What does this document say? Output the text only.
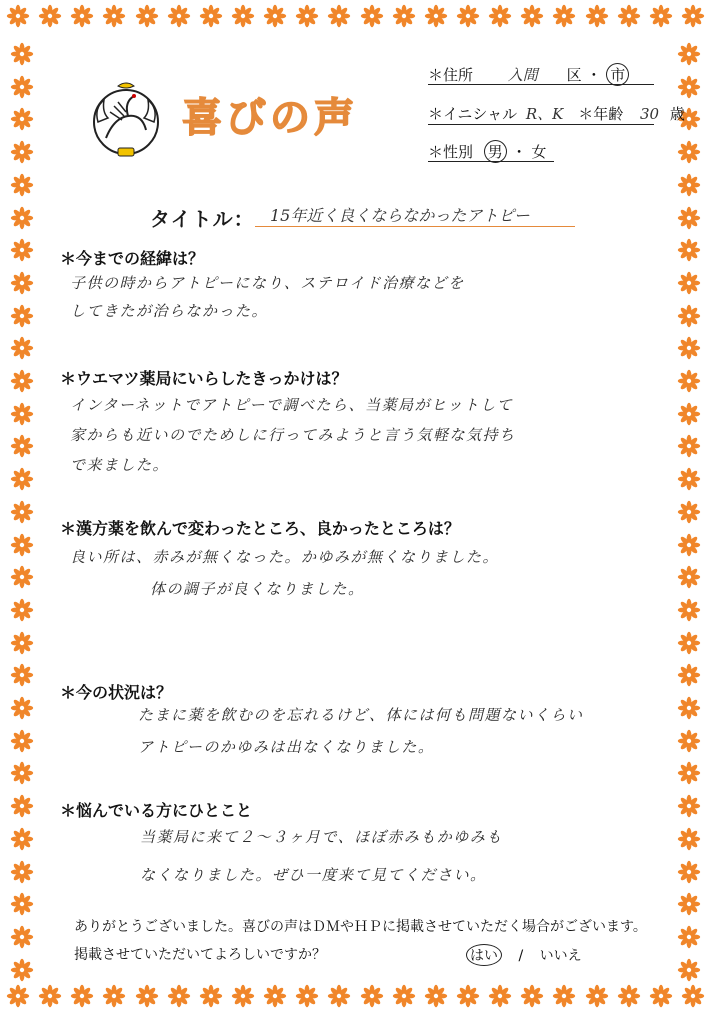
喜びの声
＊住所 入間 区 ・ 市
＊イニシャル R、K ＊年齢 30 歳
＊性別 男 ・ 女
タイトル： 15年近く良くならなかったアトピー
＊今までの経緯は？
子供の時からアトピーになり、ステロイド治療などを
してきたが治らなかった。
＊ウエマツ薬局にいらしたきっかけは？
インターネットでアトピーで調べたら、当薬局がヒットして
家からも近いのでためしに行ってみようと言う気軽な気持ち
で来ました。
＊漢方薬を飲んで変わったところ、良かったところは？
良い所は、赤みが無くなった。かゆみが無くなりました。
体の調子が良くなりました。
＊今の状況は？
たまに薬を飲むのを忘れるけど、体には何も問題ないくらい
アトピーのかゆみは出なくなりました。
＊悩んでいる方にひとこと
当薬局に来て２〜３ヶ月で、ほぼ赤みもかゆみも
なくなりました。ぜひ一度来て見てください。
ありがとうございました。喜びの声はＤＭやＨＰに掲載させていただく場合がございます。
掲載させていただいてよろしいですか？	はい / いいえ
